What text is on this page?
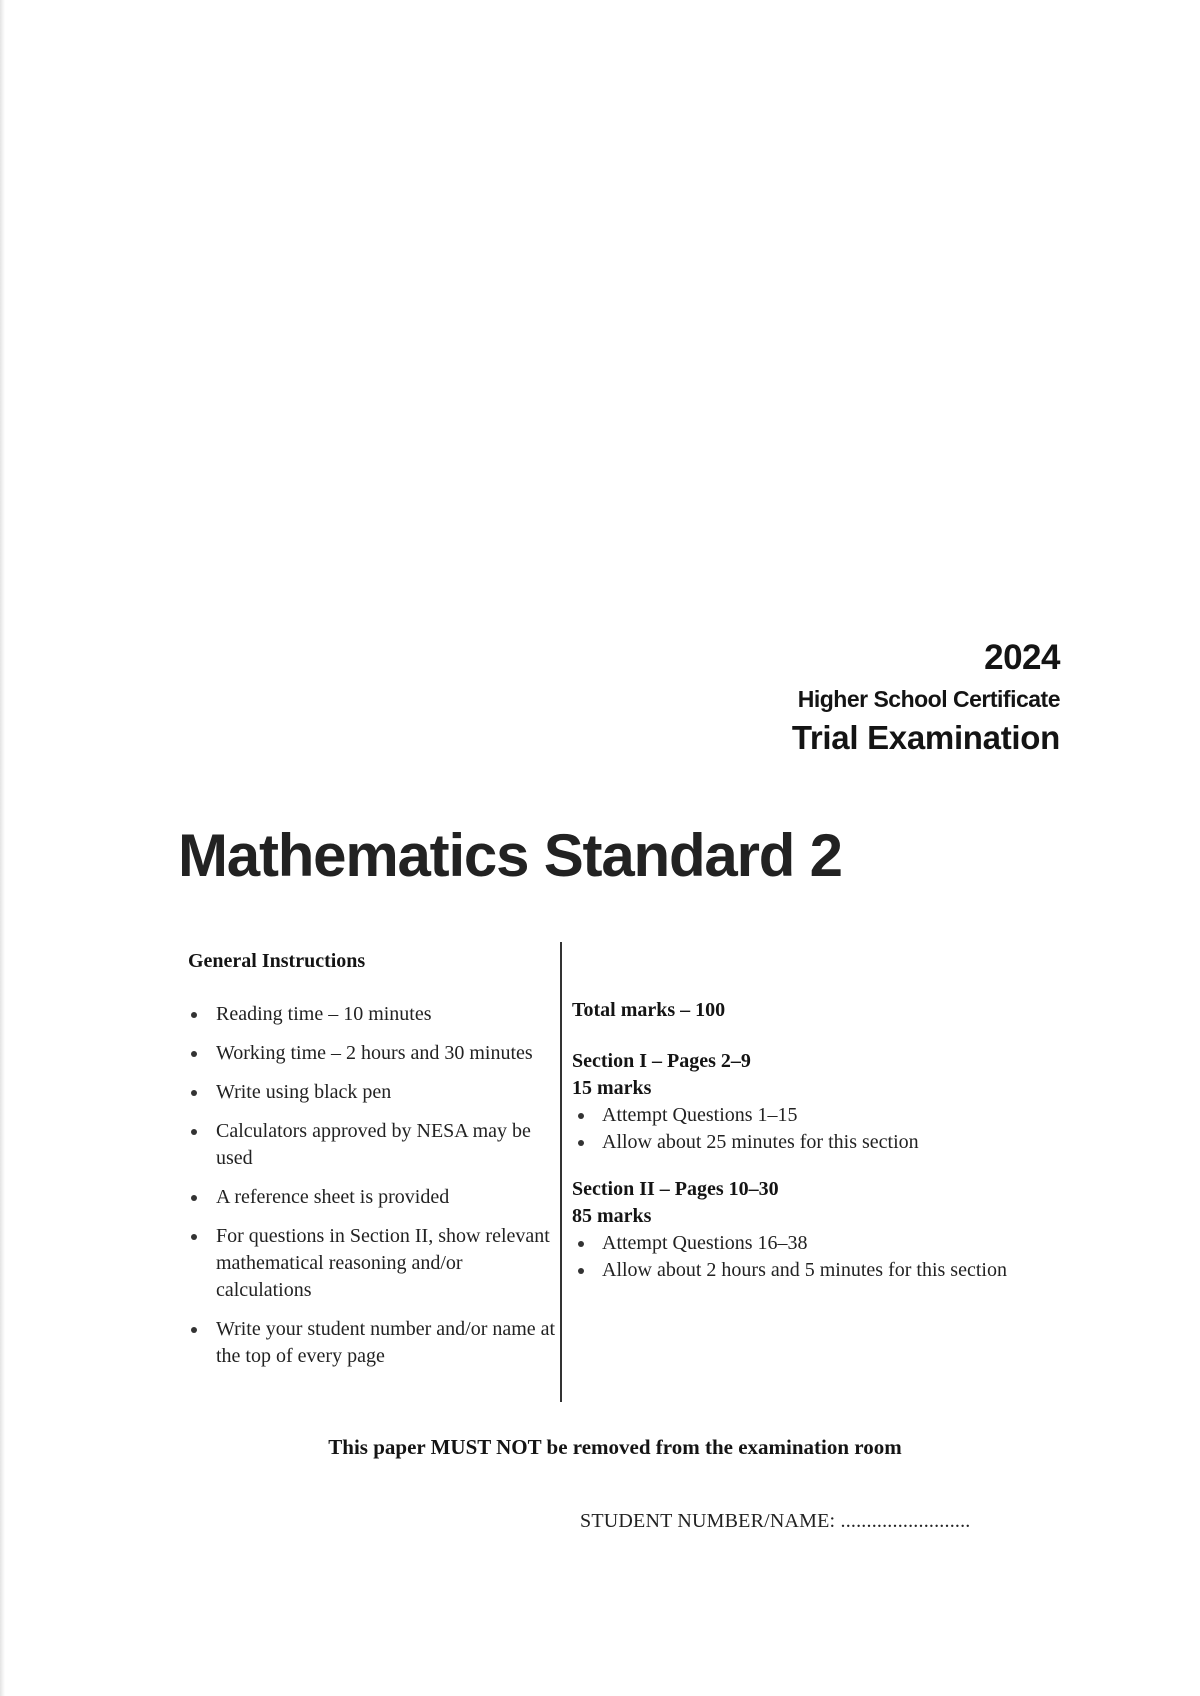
2024
Higher School Certificate
Trial Examination
Mathematics Standard 2

General Instructions

Reading time – 10 minutes
Working time – 2 hours and 30 minutes
Write using black pen
Calculators approved by NESA may be used
A reference sheet is provided
For questions in Section II, show relevant mathematical reasoning and/or calculations
Write your student number and/or name at the top of every page

Total marks – 100

Section I – Pages 2–9

15 marks

Attempt Questions 1–15
Allow about 25 minutes for this section

Section II – Pages 10–30

85 marks

Attempt Questions 16–38
Allow about 2 hours and 5 minutes for this section
This paper MUST NOT be removed from the examination room
STUDENT NUMBER/NAME: .........................
